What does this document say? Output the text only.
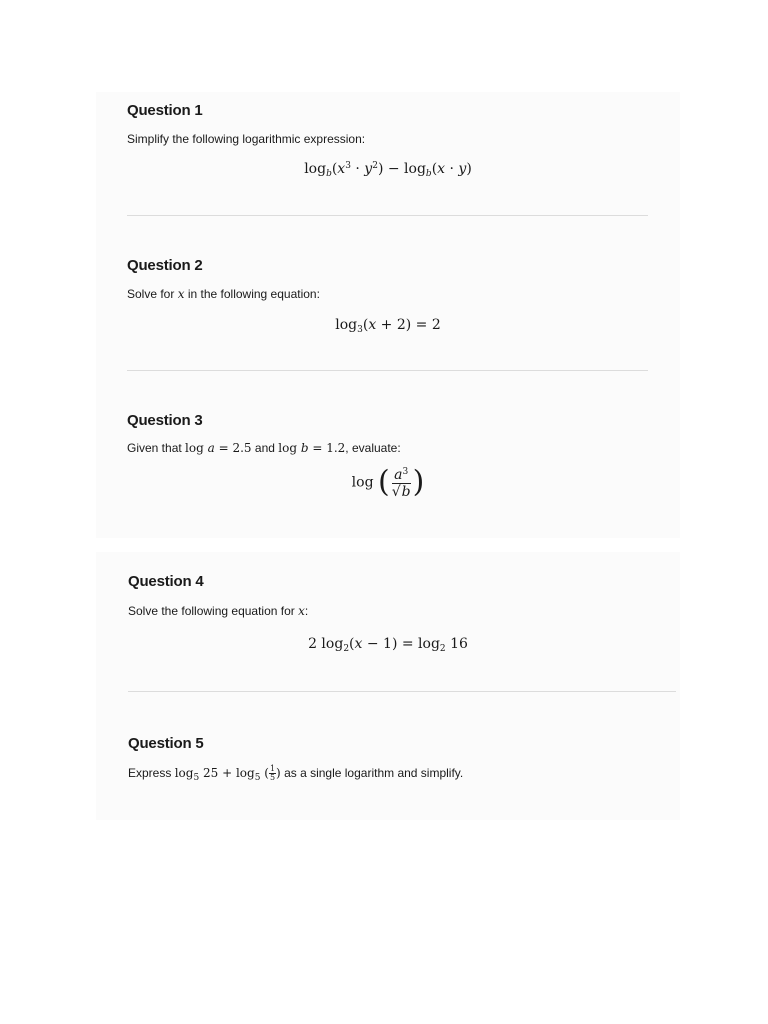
Question 1
Simplify the following logarithmic expression:
$\log_b(x^3 \cdot y^2) - \log_b(x \cdot y)$
Question 2
Solve for x in the following equation:
$\log_3(x + 2) = 2$
Question 3
Given that log a = 2.5 and log b = 1.2, evaluate:
log ( $\frac{a^3}{√b}$ )
Question 4
Solve the following equation for x:
2 $\log_2(x - 1) = \log_2 16$
Question 5
Express $\log_5 25 + \log_5$ ( $\frac{1}{5}$ ) as a single logarithm and simplify.
